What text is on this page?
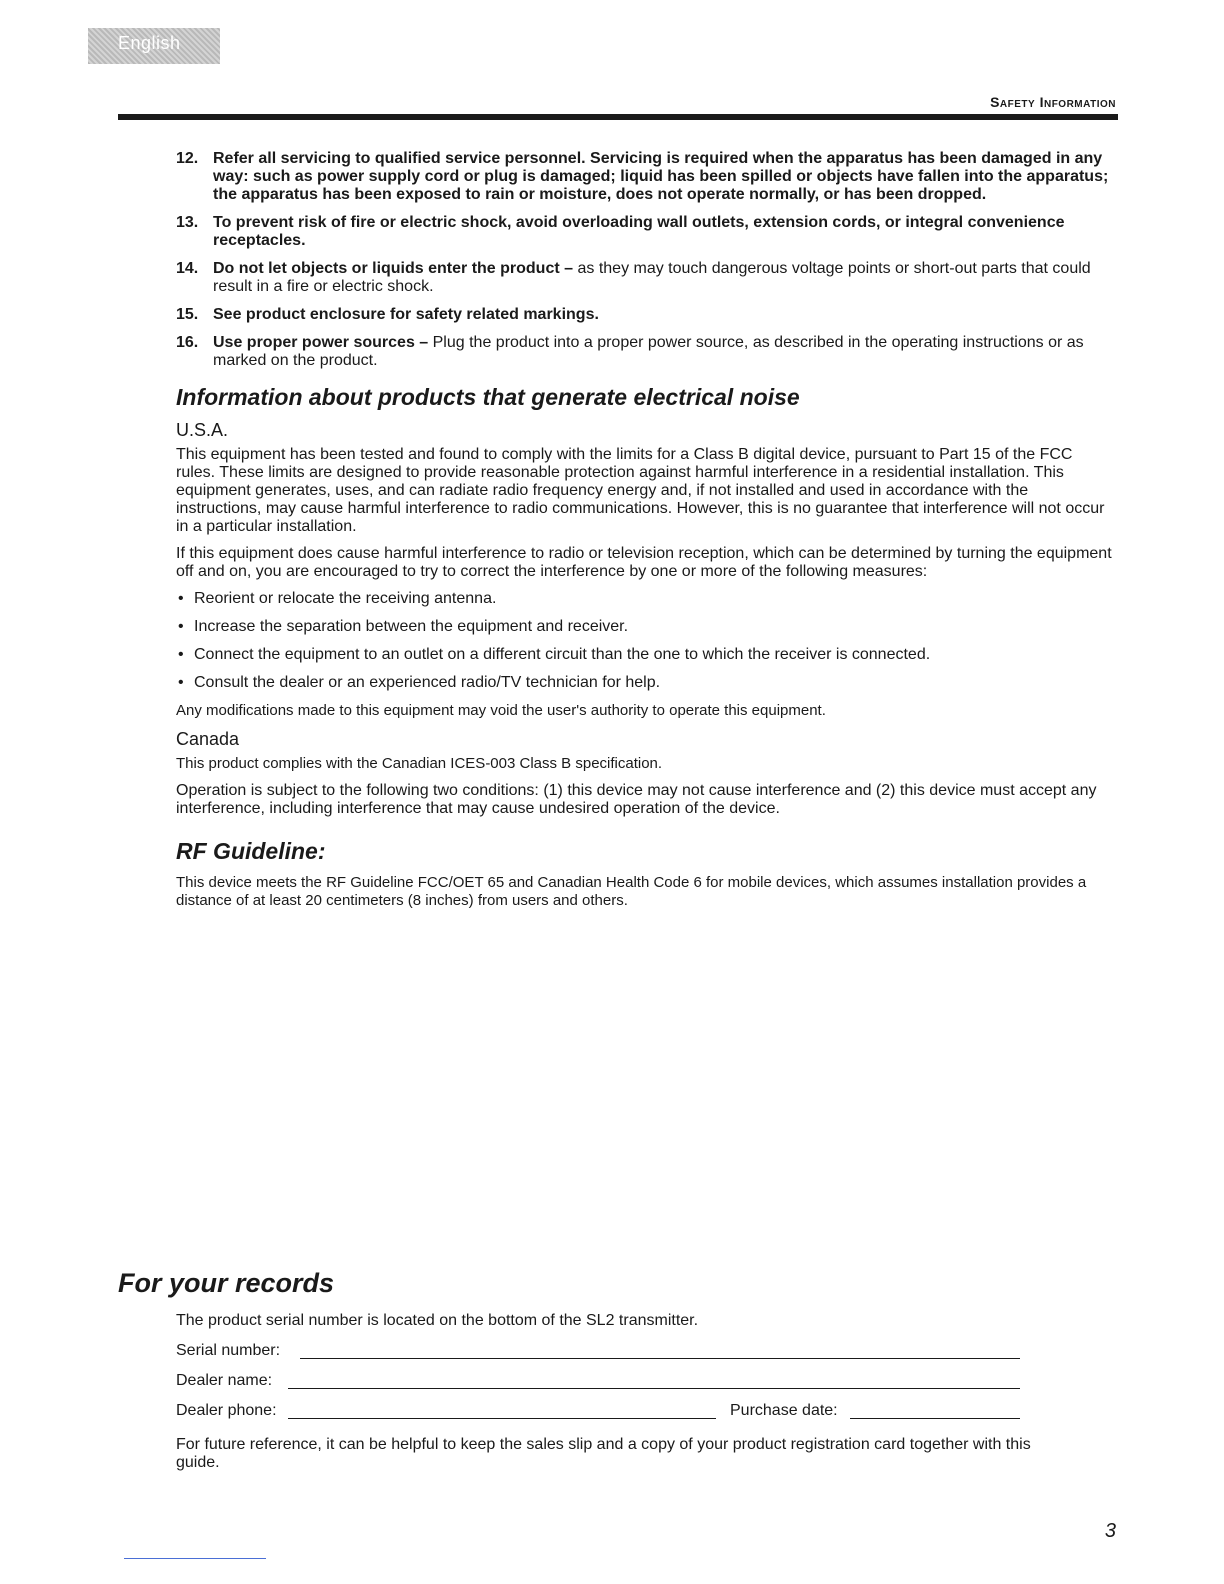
English
Safety Information
12. Refer all servicing to qualified service personnel. Servicing is required when the apparatus has been damaged in any way: such as power supply cord or plug is damaged; liquid has been spilled or objects have fallen into the apparatus; the apparatus has been exposed to rain or moisture, does not operate normally, or has been dropped.
13. To prevent risk of fire or electric shock, avoid overloading wall outlets, extension cords, or integral convenience receptacles.
14. Do not let objects or liquids enter the product – as they may touch dangerous voltage points or short-out parts that could result in a fire or electric shock.
15. See product enclosure for safety related markings.
16. Use proper power sources – Plug the product into a proper power source, as described in the operating instructions or as marked on the product.
Information about products that generate electrical noise
U.S.A.

This equipment has been tested and found to comply with the limits for a Class B digital device, pursuant to Part 15 of the FCC rules. These limits are designed to provide reasonable protection against harmful interference in a residential installation. This equipment generates, uses, and can radiate radio frequency energy and, if not installed and used in accordance with the instructions, may cause harmful interference to radio communications. However, this is no guarantee that interference will not occur in a particular installation.

If this equipment does cause harmful interference to radio or television reception, which can be determined by turning the equipment off and on, you are encouraged to try to correct the interference by one or more of the following measures:

• Reorient or relocate the receiving antenna.
• Increase the separation between the equipment and receiver.
• Connect the equipment to an outlet on a different circuit than the one to which the receiver is connected.
• Consult the dealer or an experienced radio/TV technician for help.

Any modifications made to this equipment may void the user's authority to operate this equipment.

Canada

This product complies with the Canadian ICES-003 Class B specification.

Operation is subject to the following two conditions: (1) this device may not cause interference and (2) this device must accept any interference, including interference that may cause undesired operation of the device.

RF Guideline:

This device meets the RF Guideline FCC/OET 65 and Canadian Health Code 6 for mobile devices, which assumes installation provides a distance of at least 20 centimeters (8 inches) from users and others.

For your records

The product serial number is located on the bottom of the SL2 transmitter.

Serial number:
Dealer name:
Dealer phone:	Purchase date:

For future reference, it can be helpful to keep the sales slip and a copy of your product registration card together with this guide.

3
